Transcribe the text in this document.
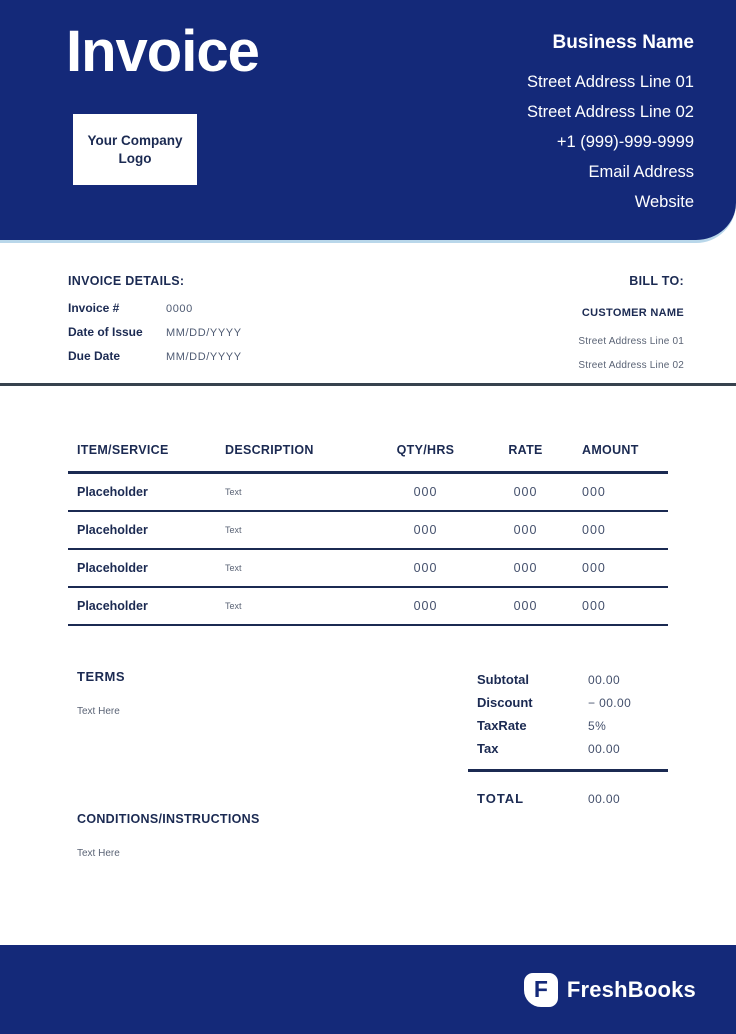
Invoice
Your Company Logo
Business Name
Street Address Line 01
Street Address Line 02
+1 (999)-999-9999
Email Address
Website
INVOICE DETAILS:
Invoice #	0000
Date of Issue	MM/DD/YYYY
Due Date	MM/DD/YYYY
BILL TO:
CUSTOMER NAME
Street Address Line 01
Street Address Line 02
ITEM/SERVICE	DESCRIPTION	QTY/HRS	RATE	AMOUNT
Placeholder	Text	000	000	000
Placeholder	Text	000	000	000
Placeholder	Text	000	000	000
Placeholder	Text	000	000	000
TERMS
Text Here
Subtotal	00.00
Discount	− 00.00
TaxRate	5%
Tax	00.00
TOTAL	00.00
CONDITIONS/INSTRUCTIONS
Text Here
F FreshBooks
